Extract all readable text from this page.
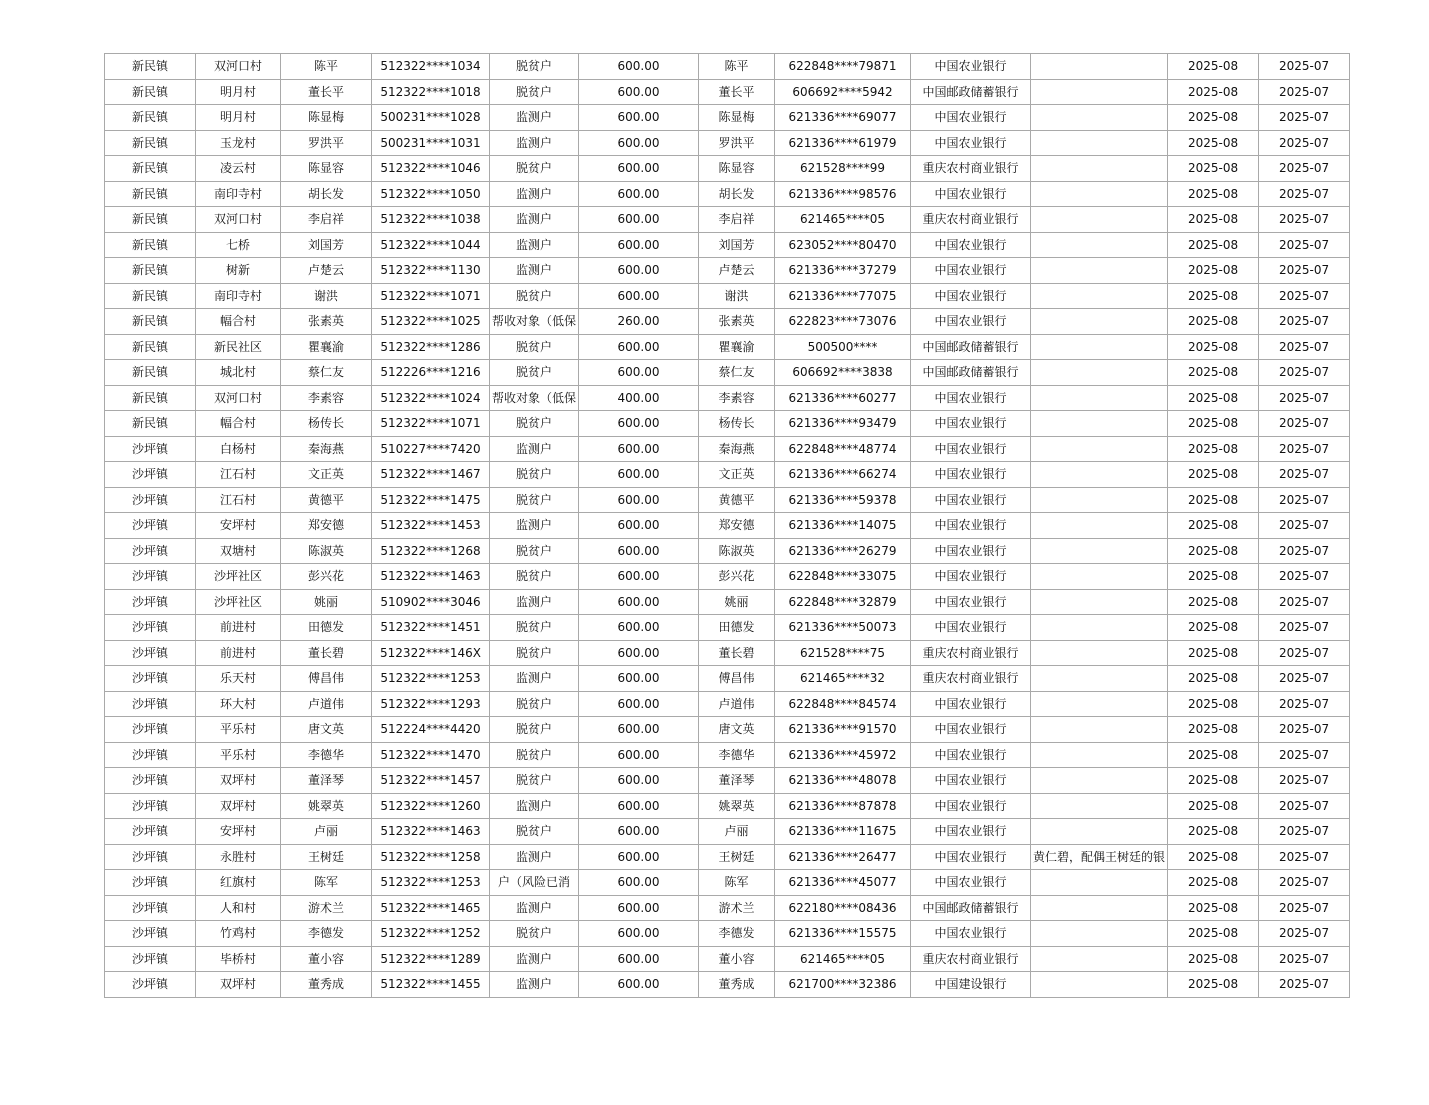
新民镇	双河口村	陈平	512322****1034	脱贫户	600.00	陈平	622848****79871	中国农业银行		2025-08	2025-07
新民镇	明月村	董长平	512322****1018	脱贫户	600.00	董长平	606692****5942	中国邮政储蓄银行		2025-08	2025-07
新民镇	明月村	陈显梅	500231****1028	监测户	600.00	陈显梅	621336****69077	中国农业银行		2025-08	2025-07
新民镇	玉龙村	罗洪平	500231****1031	监测户	600.00	罗洪平	621336****61979	中国农业银行		2025-08	2025-07
新民镇	凌云村	陈显容	512322****1046	脱贫户	600.00	陈显容	621528****99	重庆农村商业银行		2025-08	2025-07
新民镇	南印寺村	胡长发	512322****1050	监测户	600.00	胡长发	621336****98576	中国农业银行		2025-08	2025-07
新民镇	双河口村	李启祥	512322****1038	监测户	600.00	李启祥	621465****05	重庆农村商业银行		2025-08	2025-07
新民镇	七桥	刘国芳	512322****1044	监测户	600.00	刘国芳	623052****80470	中国农业银行		2025-08	2025-07
新民镇	树新	卢楚云	512322****1130	监测户	600.00	卢楚云	621336****37279	中国农业银行		2025-08	2025-07
新民镇	南印寺村	谢洪	512322****1071	脱贫户	600.00	谢洪	621336****77075	中国农业银行		2025-08	2025-07
新民镇	幅合村	张素英	512322****1025	帮收对象（低保	260.00	张素英	622823****73076	中国农业银行		2025-08	2025-07
新民镇	新民社区	瞿襄渝	512322****1286	脱贫户	600.00	瞿襄渝	500500****	中国邮政储蓄银行		2025-08	2025-07
新民镇	城北村	蔡仁友	512226****1216	脱贫户	600.00	蔡仁友	606692****3838	中国邮政储蓄银行		2025-08	2025-07
新民镇	双河口村	李素容	512322****1024	帮收对象（低保	400.00	李素容	621336****60277	中国农业银行		2025-08	2025-07
新民镇	幅合村	杨传长	512322****1071	脱贫户	600.00	杨传长	621336****93479	中国农业银行		2025-08	2025-07
沙坪镇	白杨村	秦海燕	510227****7420	监测户	600.00	秦海燕	622848****48774	中国农业银行		2025-08	2025-07
沙坪镇	江石村	文正英	512322****1467	脱贫户	600.00	文正英	621336****66274	中国农业银行		2025-08	2025-07
沙坪镇	江石村	黄德平	512322****1475	脱贫户	600.00	黄德平	621336****59378	中国农业银行		2025-08	2025-07
沙坪镇	安坪村	郑安德	512322****1453	监测户	600.00	郑安德	621336****14075	中国农业银行		2025-08	2025-07
沙坪镇	双塘村	陈淑英	512322****1268	脱贫户	600.00	陈淑英	621336****26279	中国农业银行		2025-08	2025-07
沙坪镇	沙坪社区	彭兴花	512322****1463	脱贫户	600.00	彭兴花	622848****33075	中国农业银行		2025-08	2025-07
沙坪镇	沙坪社区	姚丽	510902****3046	监测户	600.00	姚丽	622848****32879	中国农业银行		2025-08	2025-07
沙坪镇	前进村	田德发	512322****1451	脱贫户	600.00	田德发	621336****50073	中国农业银行		2025-08	2025-07
沙坪镇	前进村	董长碧	512322****146X	脱贫户	600.00	董长碧	621528****75	重庆农村商业银行		2025-08	2025-07
沙坪镇	乐天村	傅昌伟	512322****1253	监测户	600.00	傅昌伟	621465****32	重庆农村商业银行		2025-08	2025-07
沙坪镇	环大村	卢道伟	512322****1293	脱贫户	600.00	卢道伟	622848****84574	中国农业银行		2025-08	2025-07
沙坪镇	平乐村	唐文英	512224****4420	脱贫户	600.00	唐文英	621336****91570	中国农业银行		2025-08	2025-07
沙坪镇	平乐村	李德华	512322****1470	脱贫户	600.00	李德华	621336****45972	中国农业银行		2025-08	2025-07
沙坪镇	双坪村	董泽琴	512322****1457	脱贫户	600.00	董泽琴	621336****48078	中国农业银行		2025-08	2025-07
沙坪镇	双坪村	姚翠英	512322****1260	监测户	600.00	姚翠英	621336****87878	中国农业银行		2025-08	2025-07
沙坪镇	安坪村	卢丽	512322****1463	脱贫户	600.00	卢丽	621336****11675	中国农业银行		2025-08	2025-07
沙坪镇	永胜村	王树廷	512322****1258	监测户	600.00	王树廷	621336****26477	中国农业银行	黄仁碧，配偶王树廷的银	2025-08	2025-07
沙坪镇	红旗村	陈军	512322****1253	户（风险已消	600.00	陈军	621336****45077	中国农业银行		2025-08	2025-07
沙坪镇	人和村	游术兰	512322****1465	监测户	600.00	游术兰	622180****08436	中国邮政储蓄银行		2025-08	2025-07
沙坪镇	竹鸡村	李德发	512322****1252	脱贫户	600.00	李德发	621336****15575	中国农业银行		2025-08	2025-07
沙坪镇	毕桥村	董小容	512322****1289	监测户	600.00	董小容	621465****05	重庆农村商业银行		2025-08	2025-07
沙坪镇	双坪村	董秀成	512322****1455	监测户	600.00	董秀成	621700****32386	中国建设银行		2025-08	2025-07
